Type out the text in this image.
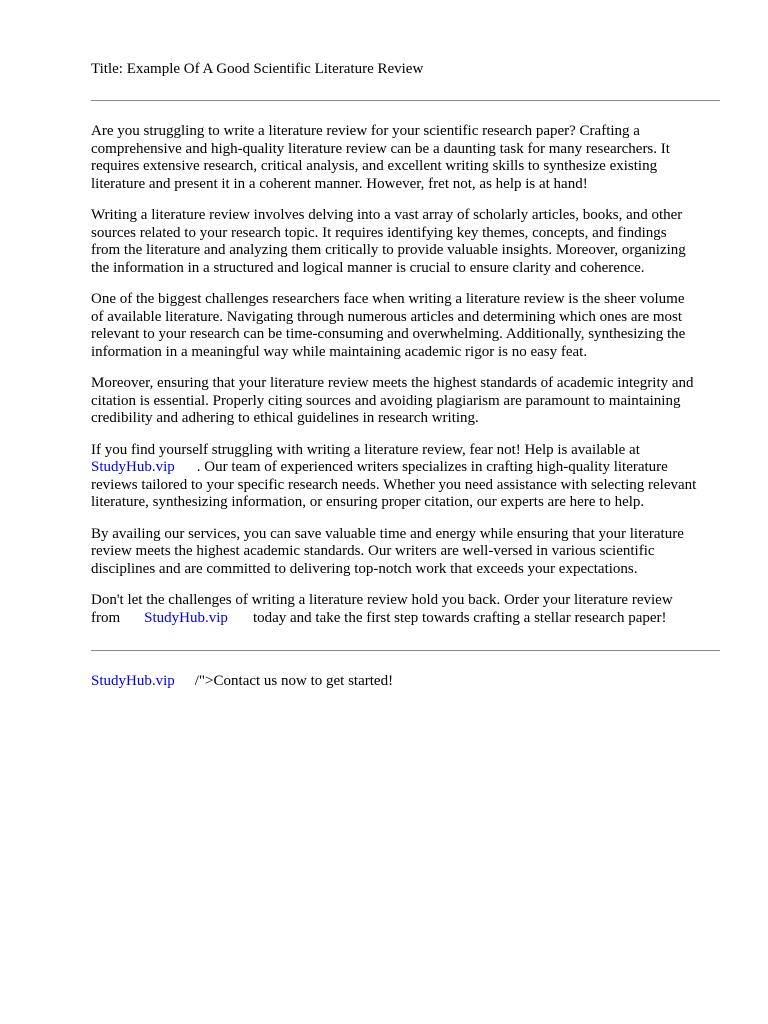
Title: Example Of A Good Scientific Literature Review

Are you struggling to write a literature review for your scientific research paper? Crafting a
comprehensive and high-quality literature review can be a daunting task for many researchers. It
requires extensive research, critical analysis, and excellent writing skills to synthesize existing
literature and present it in a coherent manner. However, fret not, as help is at hand!

Writing a literature review involves delving into a vast array of scholarly articles, books, and other
sources related to your research topic. It requires identifying key themes, concepts, and findings
from the literature and analyzing them critically to provide valuable insights. Moreover, organizing
the information in a structured and logical manner is crucial to ensure clarity and coherence.

One of the biggest challenges researchers face when writing a literature review is the sheer volume
of available literature. Navigating through numerous articles and determining which ones are most
relevant to your research can be time-consuming and overwhelming. Additionally, synthesizing the
information in a meaningful way while maintaining academic rigor is no easy feat.

Moreover, ensuring that your literature review meets the highest standards of academic integrity and
citation is essential. Properly citing sources and avoiding plagiarism are paramount to maintaining
credibility and adhering to ethical guidelines in research writing.

If you find yourself struggling with writing a literature review, fear not! Help is available at
StudyHub.vip . Our team of experienced writers specializes in crafting high-quality literature
reviews tailored to your specific research needs. Whether you need assistance with selecting relevant
literature, synthesizing information, or ensuring proper citation, our experts are here to help.

By availing our services, you can save valuable time and energy while ensuring that your literature
review meets the highest academic standards. Our writers are well-versed in various scientific
disciplines and are committed to delivering top-notch work that exceeds your expectations.

Don't let the challenges of writing a literature review hold you back. Order your literature review
from StudyHub.vip today and take the first step towards crafting a stellar research paper!

StudyHub.vip /">Contact us now to get started!
